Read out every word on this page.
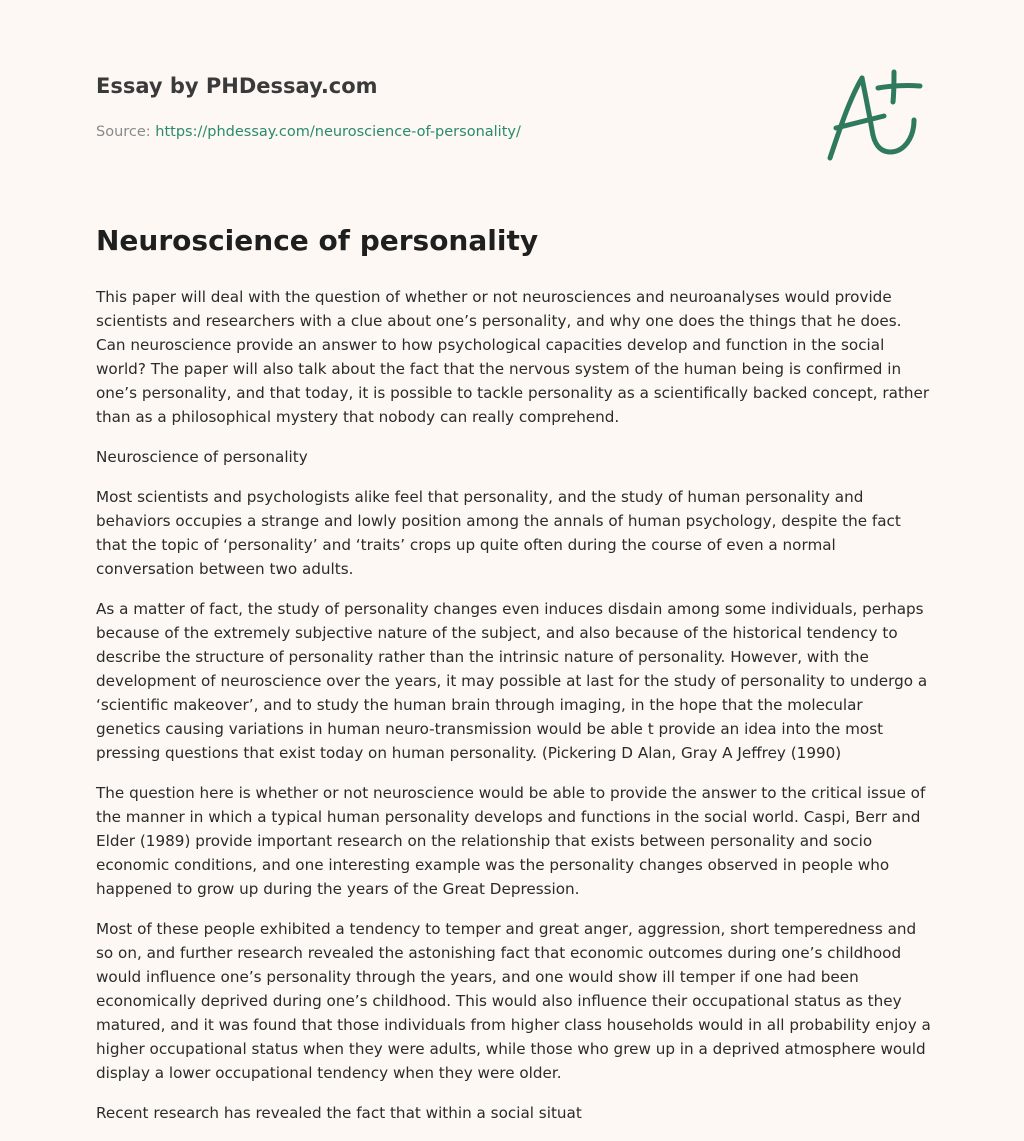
Essay by PHDessay.com
Source: https://phdessay.com/neuroscience-of-personality/
Neuroscience of personality

This paper will deal with the question of whether or not neurosciences and neuroanalyses would provide scientists and researchers with a clue about one’s personality, and why one does the things that he does. Can neuroscience provide an answer to how psychological capacities develop and function in the social world? The paper will also talk about the fact that the nervous system of the human being is confirmed in one’s personality, and that today, it is possible to tackle personality as a scientifically backed concept, rather than as a philosophical mystery that nobody can really comprehend.

Neuroscience of personality

Most scientists and psychologists alike feel that personality, and the study of human personality and behaviors occupies a strange and lowly position among the annals of human psychology, despite the fact that the topic of ‘personality’ and ‘traits’ crops up quite often during the course of even a normal conversation between two adults.

As a matter of fact, the study of personality changes even induces disdain among some individuals, perhaps because of the extremely subjective nature of the subject, and also because of the historical tendency to describe the structure of personality rather than the intrinsic nature of personality. However, with the development of neuroscience over the years, it may possible at last for the study of personality to undergo a ‘scientific makeover’, and to study the human brain through imaging, in the hope that the molecular genetics causing variations in human neuro-transmission would be able t provide an idea into the most pressing questions that exist today on human personality. (Pickering D Alan, Gray A Jeffrey (1990)

The question here is whether or not neuroscience would be able to provide the answer to the critical issue of the manner in which a typical human personality develops and functions in the social world. Caspi, Berr and Elder (1989) provide important research on the relationship that exists between personality and socio economic conditions, and one interesting example was the personality changes observed in people who happened to grow up during the years of the Great Depression.

Most of these people exhibited a tendency to temper and great anger, aggression, short temperedness and so on, and further research revealed the astonishing fact that economic outcomes during one’s childhood would influence one’s personality through the years, and one would show ill temper if one had been economically deprived during one’s childhood. This would also influence their occupational status as they matured, and it was found that those individuals from higher class households would in all probability enjoy a higher occupational status when they were adults, while those who grew up in a deprived atmosphere would display a lower occupational tendency when they were older.

Recent research has revealed the fact that within a social situat
